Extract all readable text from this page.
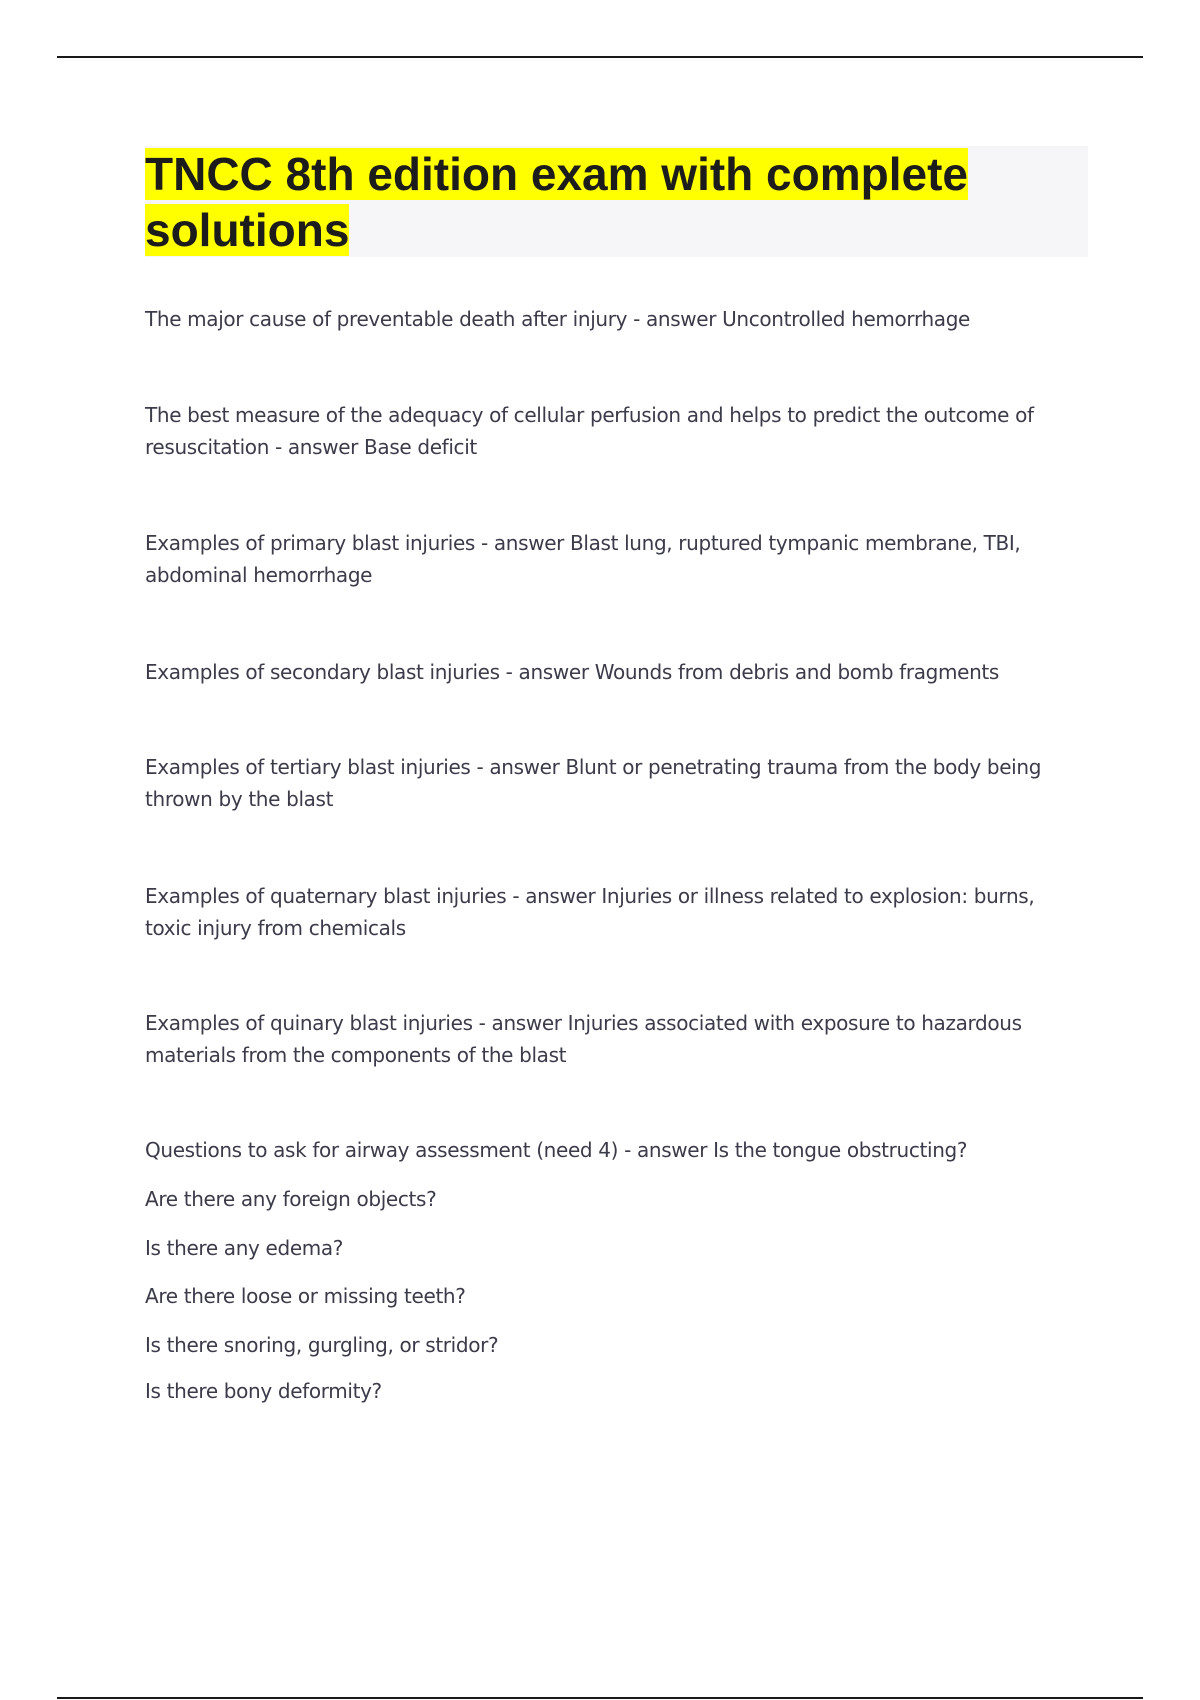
TNCC 8th edition exam with complete solutions

The major cause of preventable death after injury - answer Uncontrolled hemorrhage

The best measure of the adequacy of cellular perfusion and helps to predict the outcome of resuscitation - answer Base deficit

Examples of primary blast injuries - answer Blast lung, ruptured tympanic membrane, TBI, abdominal hemorrhage

Examples of secondary blast injuries - answer Wounds from debris and bomb fragments

Examples of tertiary blast injuries - answer Blunt or penetrating trauma from the body being thrown by the blast

Examples of quaternary blast injuries - answer Injuries or illness related to explosion: burns, toxic injury from chemicals

Examples of quinary blast injuries - answer Injuries associated with exposure to hazardous materials from the components of the blast

Questions to ask for airway assessment (need 4) - answer Is the tongue obstructing?

Are there any foreign objects?

Is there any edema?

Are there loose or missing teeth?

Is there snoring, gurgling, or stridor?

Is there bony deformity?
